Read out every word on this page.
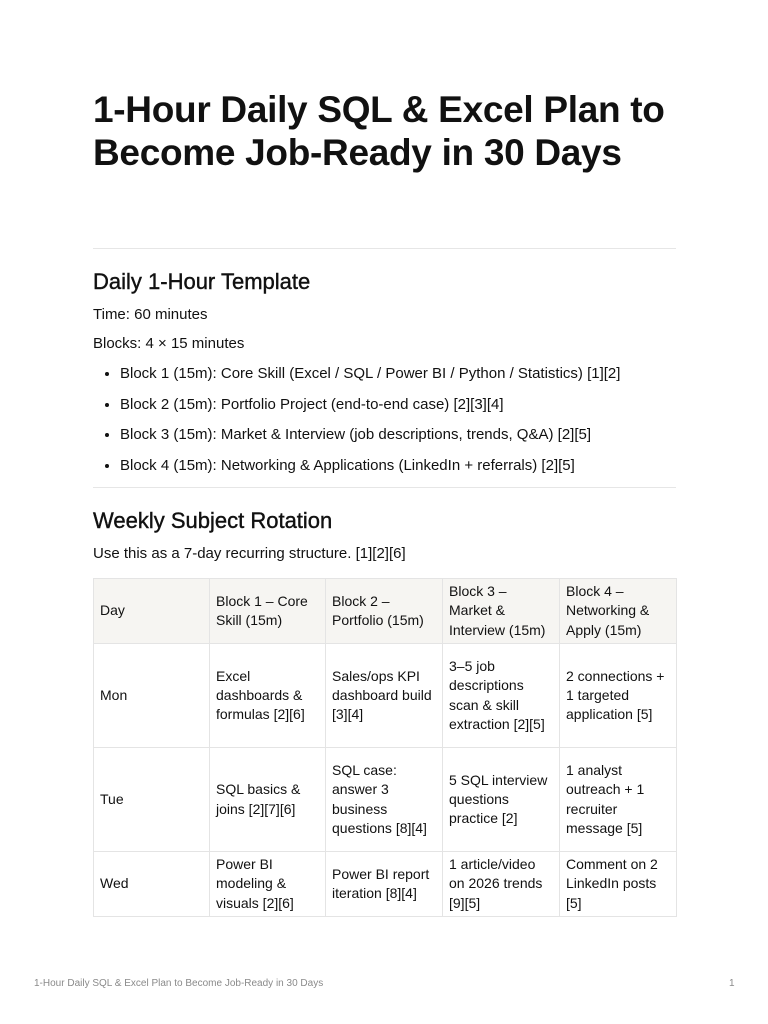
1-Hour Daily SQL & Excel Plan to Become Job-Ready in 30 Days
Daily 1-Hour Template

Time: 60 minutes

Blocks: 4 × 15 minutes

• Block 1 (15m): Core Skill (Excel / SQL / Power BI / Python / Statistics) [1][2]
• Block 2 (15m): Portfolio Project (end-to-end case) [2][3][4]
• Block 3 (15m): Market & Interview (job descriptions, trends, Q&A) [2][5]
• Block 4 (15m): Networking & Applications (LinkedIn + referrals) [2][5]
Weekly Subject Rotation

Use this as a 7-day recurring structure. [1][2][6]

Day	Block 1 – Core Skill (15m)	Block 2 – Portfolio (15m)	Block 3 – Market & Interview (15m)	Block 4 – Networking & Apply (15m)
Mon	Excel dashboards & formulas [2][6]	Sales/ops KPI dashboard build [3][4]	3–5 job descriptions scan & skill extraction [2][5]	2 connections + 1 targeted application [5]
Tue	SQL basics & joins [2][7][6]	SQL case: answer 3 business questions [8][4]	5 SQL interview questions practice [2]	1 analyst outreach + 1 recruiter message [5]
Wed	Power BI modeling & visuals [2][6]	Power BI report iteration [8][4]	1 article/video on 2026 trends [9][5]	Comment on 2 LinkedIn posts [5]
1-Hour Daily SQL & Excel Plan to Become Job-Ready in 30 Days	1
